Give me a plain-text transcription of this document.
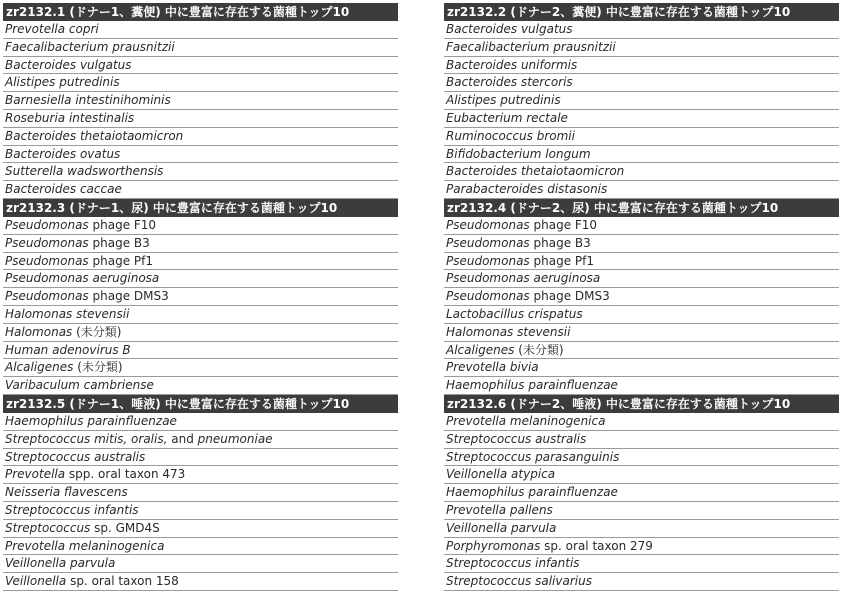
zr2132.1 (ドナー1、糞便) 中に豊富に存在する菌種トップ10
Prevotella copri
Faecalibacterium prausnitzii
Bacteroides vulgatus
Alistipes putredinis
Barnesiella intestinihominis
Roseburia intestinalis
Bacteroides thetaiotaomicron
Bacteroides ovatus
Sutterella wadsworthensis
Bacteroides caccae
zr2132.3 (ドナー1、尿) 中に豊富に存在する菌種トップ10
Pseudomonas phage F10
Pseudomonas phage B3
Pseudomonas phage Pf1
Pseudomonas aeruginosa
Pseudomonas phage DMS3
Halomonas stevensii
Halomonas (未分類)
Human adenovirus B
Alcaligenes (未分類)
Varibaculum cambriense
zr2132.5 (ドナー1、唾液) 中に豊富に存在する菌種トップ10
Haemophilus parainfluenzae
Streptococcus mitis, oralis, and pneumoniae
Streptococcus australis
Prevotella spp. oral taxon 473
Neisseria flavescens
Streptococcus infantis
Streptococcus sp. GMD4S
Prevotella melaninogenica
Veillonella parvula
Veillonella sp. oral taxon 158
zr2132.2 (ドナー2、糞便) 中に豊富に存在する菌種トップ10
Bacteroides vulgatus
Faecalibacterium prausnitzii
Bacteroides uniformis
Bacteroides stercoris
Alistipes putredinis
Eubacterium rectale
Ruminococcus bromii
Bifidobacterium longum
Bacteroides thetaiotaomicron
Parabacteroides distasonis
zr2132.4 (ドナー2、尿) 中に豊富に存在する菌種トップ10
Pseudomonas phage F10
Pseudomonas phage B3
Pseudomonas phage Pf1
Pseudomonas aeruginosa
Pseudomonas phage DMS3
Lactobacillus crispatus
Halomonas stevensii
Alcaligenes (未分類)
Prevotella bivia
Haemophilus parainfluenzae
zr2132.6 (ドナー2、唾液) 中に豊富に存在する菌種トップ10
Prevotella melaninogenica
Streptococcus australis
Streptococcus parasanguinis
Veillonella atypica
Haemophilus parainfluenzae
Prevotella pallens
Veillonella parvula
Porphyromonas sp. oral taxon 279
Streptococcus infantis
Streptococcus salivarius
